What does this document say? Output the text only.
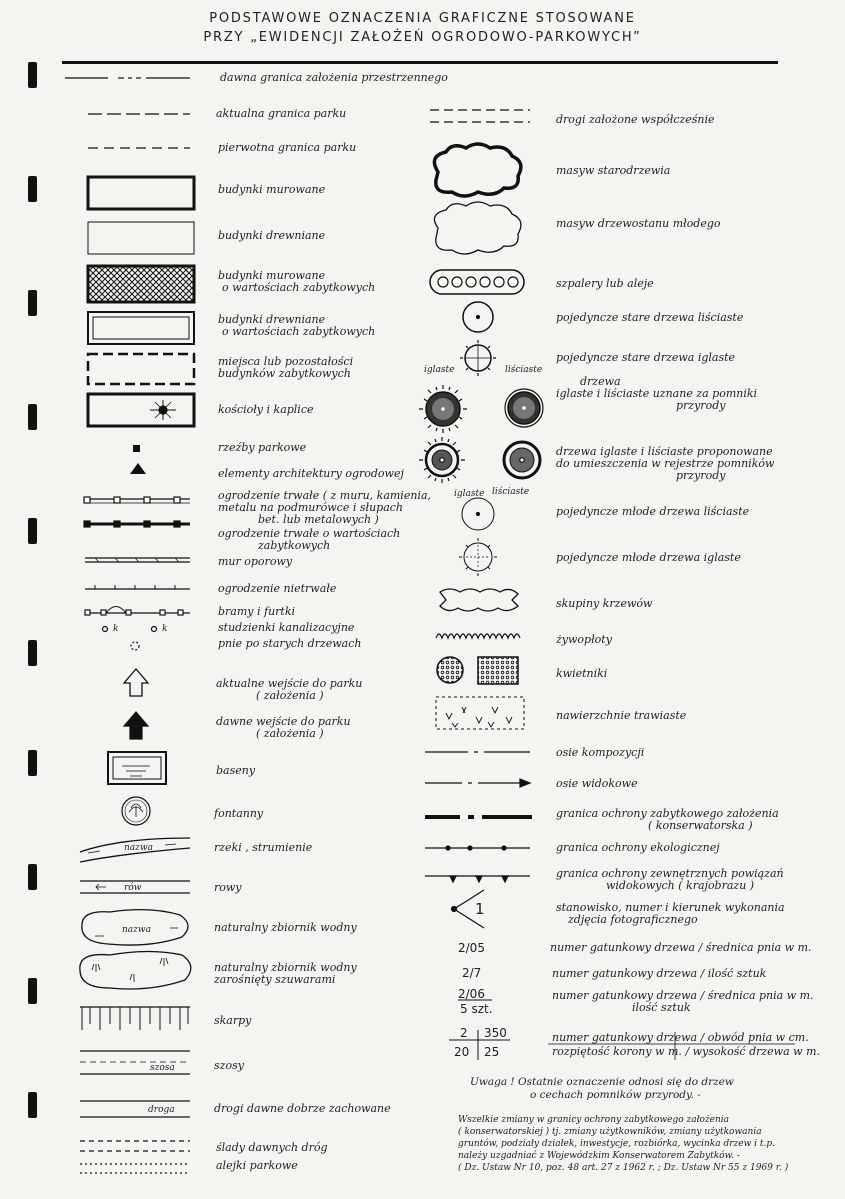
PODSTAWOWE OZNACZENIA GRAFICZNE STOSOWANE
PRZY „EWIDENCJI ZAŁOŻEŃ OGRODOWO-PARKOWYCH”
dawna granica założenia przestrzennego
aktualna granica parku
pierwotna granica parku
budynki murowane
budynki drewniane
budynki murowane
o wartościach zabytkowych
budynki drewniane
o wartościach zabytkowych
miejsca lub pozostałości
budynków zabytkowych
kościoły i kaplice
rzeźby parkowe
elementy architektury ogrodowej
ogrodzenie trwałe ( z muru, kamienia,
metalu na podmurówce i słupach
bet. lub metalowych )
ogrodzenie trwałe o wartościach
zabytkowych
mur oporowy
ogrodzenie nietrwałe
bramy i furtki
studzienki kanalizacyjne
pnie po starych drzewach
aktualne wejście do parku
( założenia )
dawne wejście do parku
( założenia )
baseny
fontanny
rzeki , strumienie
rowy
naturalny zbiornik wodny
naturalny zbiornik wodny
zarośnięty szuwarami
skarpy
szosy
drogi dawne dobrze zachowane
ślady dawnych dróg
alejki parkowe
k	k
nazwa
rów
nazwa
szosa
droga
drogi założone współcześnie
masyw starodrzewia
masyw drzewostanu młodego
szpalery lub aleje
pojedyncze stare drzewa liściaste
pojedyncze stare drzewa iglaste
drzewa
iglaste i liściaste uznane za pomniki
przyrody
drzewa iglaste i liściaste proponowane
do umieszczenia w rejestrze pomników
przyrody
pojedyncze młode drzewa liściaste
pojedyncze młode drzewa iglaste
skupiny krzewów
żywopłoty
kwietniki
nawierzchnie trawiaste
osie kompozycji
osie widokowe
granica ochrony zabytkowego założenia
( konserwatorska )
granica ochrony ekologicznej
granica ochrony zewnętrznych powiązań
widokowych ( krajobrazu )
stanowisko, numer i kierunek wykonania
zdjęcia fotograficznego
numer gatunkowy drzewa / średnica pnia w m.
numer gatunkowy drzewa / ilość sztuk
numer gatunkowy drzewa / średnica pnia w m.
ilość sztuk
numer gatunkowy drzewa / obwód pnia w cm.
rozpiętość korony w m. / wysokość drzewa w m.
iglaste	liściaste
iglaste liściaste
1
2/05
2/7
2/06
5 szt.
2 350
20 25
Uwaga ! Ostatnie oznaczenie odnosi się do drzew
o cechach pomników przyrody. -
Wszelkie zmiany w granicy ochrony zabytkowego założenia
( konserwatorskiej ) tj. zmiany użytkowników, zmiany użytkowania
gruntów, podziały działek, inwestycje, rozbiórka, wycinka drzew i t.p.
należy uzgadniać z Wojewódzkim Konserwatorem Zabytków. -
( Dz. Ustaw Nr 10, poz. 48 art. 27 z 1962 r. ; Dz. Ustaw Nr 55 z 1969 r. )
